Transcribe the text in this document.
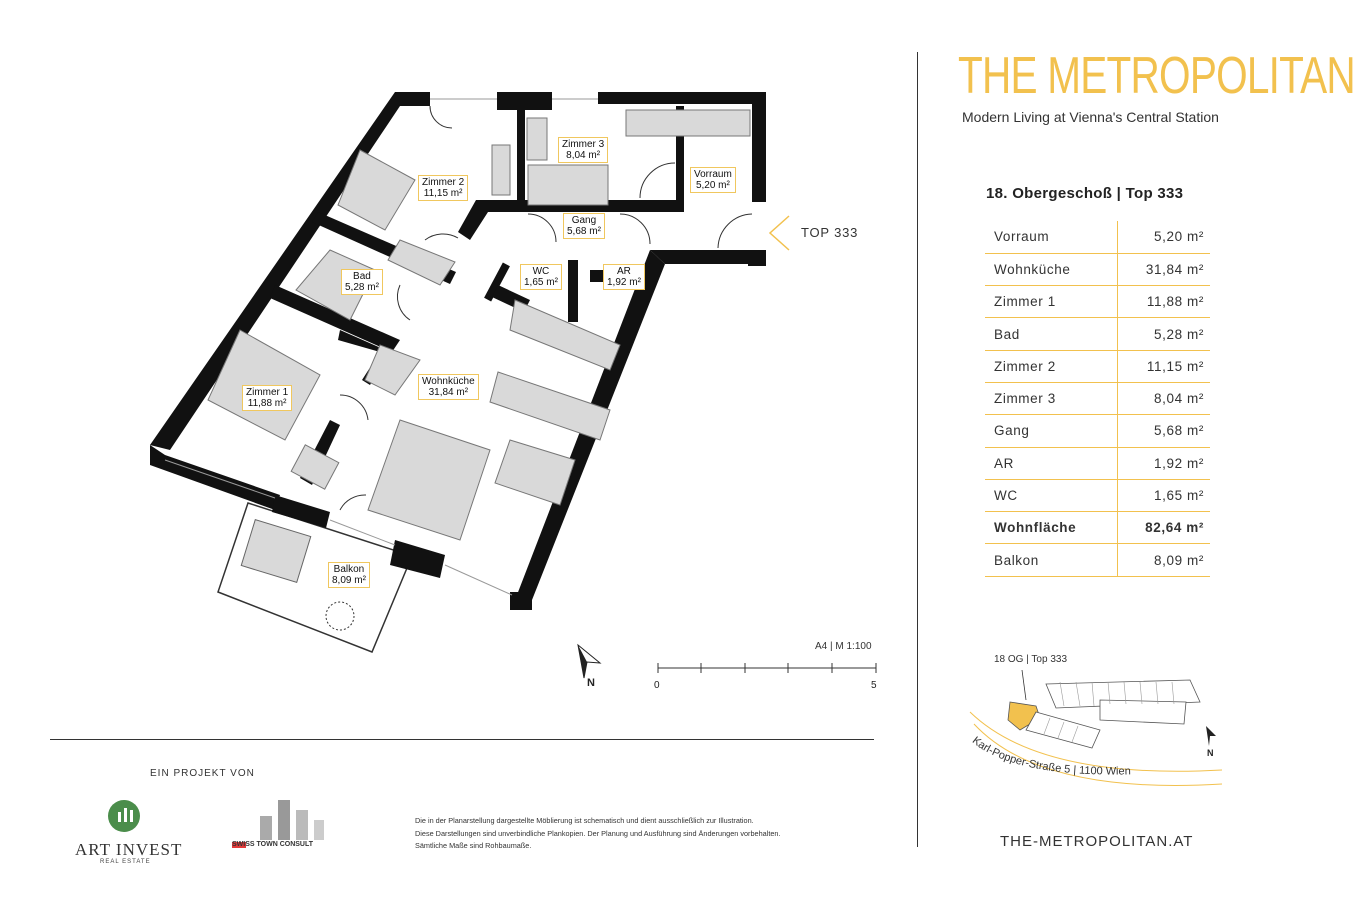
Zimmer 3
8,04 m²
Vorraum
5,20 m²
Zimmer 2
11,15 m²
Gang
5,68 m²
Bad
5,28 m²
WC
1,65 m²
AR
1,92 m²
Zimmer 1
11,88 m²
Wohnküche
31,84 m²
Balkon
8,09 m²
TOP 333
N
A4 | M 1:100
0	5
THE METROPOLITAN
Modern Living at Vienna's Central Station
18. Obergeschoß | Top 333
Vorraum	5,20 m²
Wohnküche	31,84 m²
Zimmer 1	11,88 m²
Bad	5,28 m²
Zimmer 2	11,15 m²
Zimmer 3	8,04 m²
Gang	5,68 m²
AR	1,92 m²
WC	1,65 m²
Wohnfläche	82,64 m²
Balkon	8,09 m²
18 OG | Top 333
Karl-Popper-Straße 5 | 1100 Wien
N
THE-METROPOLITAN.AT
EIN PROJEKT VON
ART INVEST
REAL ESTATE
SWISS TOWN CONSULT
Die in der Planarstellung dargestellte Möblierung ist schematisch und dient ausschließlich zur Illustration.
Diese Darstellungen sind unverbindliche Plankopien. Der Planung und Ausführung sind Änderungen vorbehalten.
Sämtliche Maße sind Rohbaumaße.
